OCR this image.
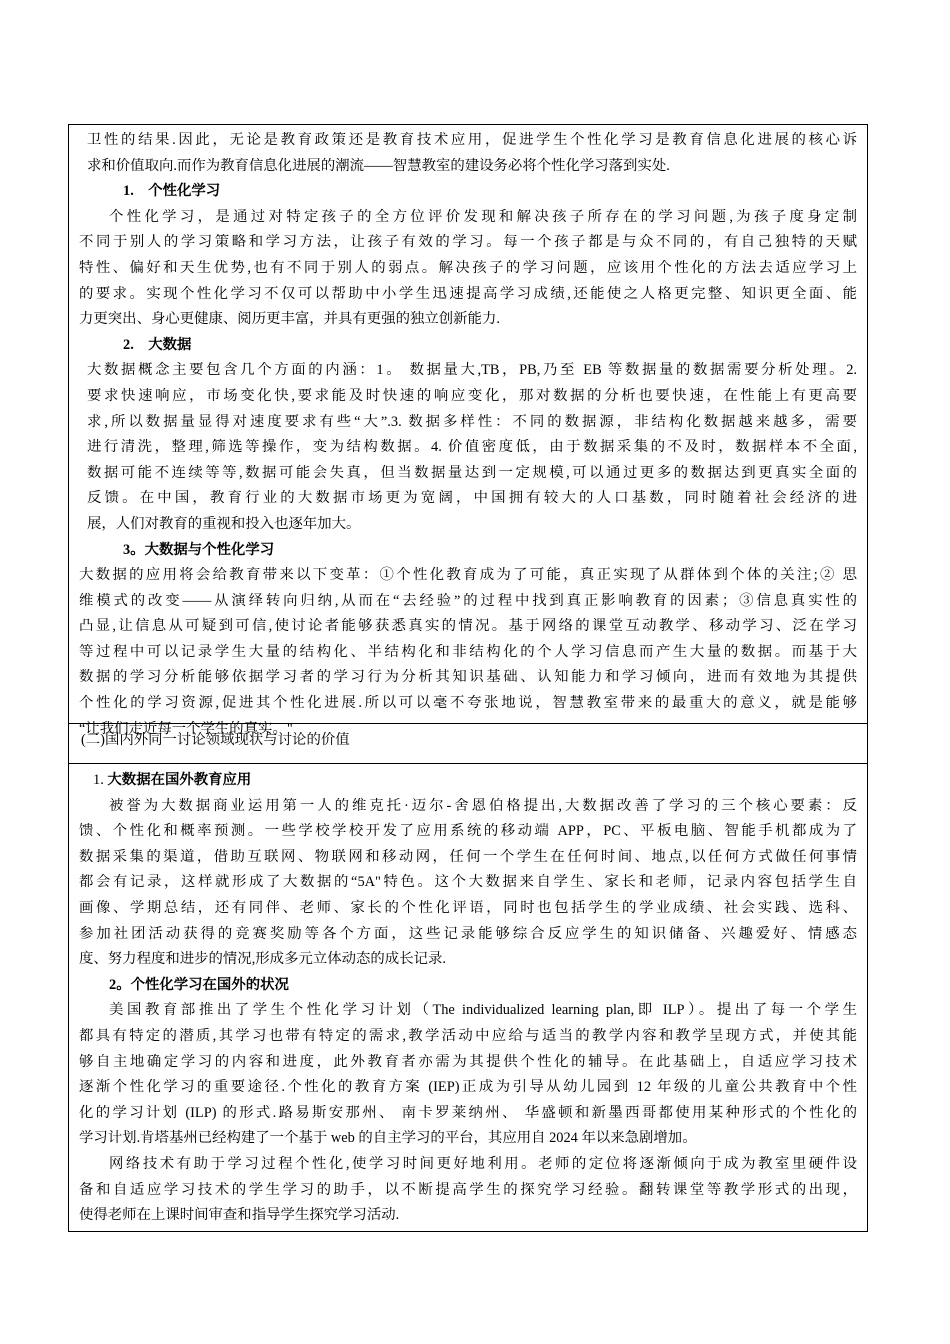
卫性的结果.因此，无论是教育政策还是教育技术应用，促进学生个性化学习是教育信息化进展的核心诉
求和价值取向.而作为教育信息化进展的潮流——智慧教室的建设务必将个性化学习落到实处.
1. 个性化学习
个性化学习，是通过对特定孩子的全方位评价发现和解决孩子所存在的学习问题,为孩子度身定制
不同于别人的学习策略和学习方法，让孩子有效的学习。每一个孩子都是与众不同的，有自己独特的天赋
特性、偏好和天生优势,也有不同于别人的弱点。解决孩子的学习问题，应该用个性化的方法去适应学习上
的要求。实现个性化学习不仅可以帮助中小学生迅速提高学习成绩,还能使之人格更完整、知识更全面、能
力更突出、身心更健康、阅历更丰富，并具有更强的独立创新能力.
2. 大数据
大数据概念主要包含几个方面的内涵：1。 数据量大,TB，PB,乃至 EB 等数据量的数据需要分析处理。2.
要求快速响应，市场变化快,要求能及时快速的响应变化，那对数据的分析也要快速，在性能上有更高要
求,所以数据量显得对速度要求有些“大”.3. 数据多样性：不同的数据源，非结构化数据越来越多，需要
进行清洗，整理,筛选等操作，变为结构数据。4. 价值密度低，由于数据采集的不及时，数据样本不全面,
数据可能不连续等等,数据可能会失真，但当数据量达到一定规模,可以通过更多的数据达到更真实全面的
反馈。在中国，教育行业的大数据市场更为宽阔，中国拥有较大的人口基数，同时随着社会经济的进
展，人们对教育的重视和投入也逐年加大。
3。大数据与个性化学习
大数据的应用将会给教育带来以下变革：①个性化教育成为了可能，真正实现了从群体到个体的关注;② 思
维模式的改变——从演绎转向归纳,从而在“去经验”的过程中找到真正影响教育的因素；③信息真实性的
凸显,让信息从可疑到可信,使讨论者能够获悉真实的情况。基于网络的课堂互动教学、移动学习、泛在学习
等过程中可以记录学生大量的结构化、半结构化和非结构化的个人学习信息而产生大量的数据。而基于大
数据的学习分析能够依据学习者的学习行为分析其知识基础、认知能力和学习倾向，进而有效地为其提供
个性化的学习资源,促进其个性化进展.所以可以毫不夸张地说，智慧教室带来的最重大的意义，就是能够
“让我们走近每一个学生的真实。"
(二)国内外同一讨论领域现状与讨论的价值
1. 大数据在国外教育应用
被誉为大数据商业运用第一人的维克托·迈尔-舍恩伯格提出,大数据改善了学习的三个核心要素：反
馈、个性化和概率预测。一些学校学校开发了应用系统的移动端 APP，PC、平板电脑、智能手机都成为了
数据采集的渠道，借助互联网、物联网和移动网，任何一个学生在任何时间、地点,以任何方式做任何事情
都会有记录，这样就形成了大数据的“5A"特色。这个大数据来自学生、家长和老师，记录内容包括学生自
画像、学期总结，还有同伴、老师、家长的个性化评语，同时也包括学生的学业成绩、社会实践、选科、
参加社团活动获得的竞赛奖励等各个方面，这些记录能够综合反应学生的知识储备、兴趣爱好、情感态
度、努力程度和进步的情况,形成多元立体动态的成长记录.
2。个性化学习在国外的状况
美国教育部推出了学生个性化学习计划（The individualized learning plan,即 ILP）。提出了每一个学生
都具有特定的潜质,其学习也带有特定的需求,教学活动中应给与适当的教学内容和教学呈现方式，并使其能
够自主地确定学习的内容和进度，此外教育者亦需为其提供个性化的辅导。在此基础上，自适应学习技术
逐渐个性化学习的重要途径.个性化的教育方案 (IEP)正成为引导从幼儿园到 12 年级的儿童公共教育中个性
化的学习计划 (ILP) 的形式.路易斯安那州、 南卡罗莱纳州、 华盛顿和新墨西哥都使用某种形式的个性化的
学习计划.肯塔基州已经构建了一个基于 web 的自主学习的平台，其应用自 2024 年以来急剧增加。
网络技术有助于学习过程个性化,使学习时间更好地利用。老师的定位将逐渐倾向于成为教室里硬件设
备和自适应学习技术的学生学习的助手，以不断提高学生的探究学习经验。翻转课堂等教学形式的出现，
使得老师在上课时间审查和指导学生探究学习活动.
